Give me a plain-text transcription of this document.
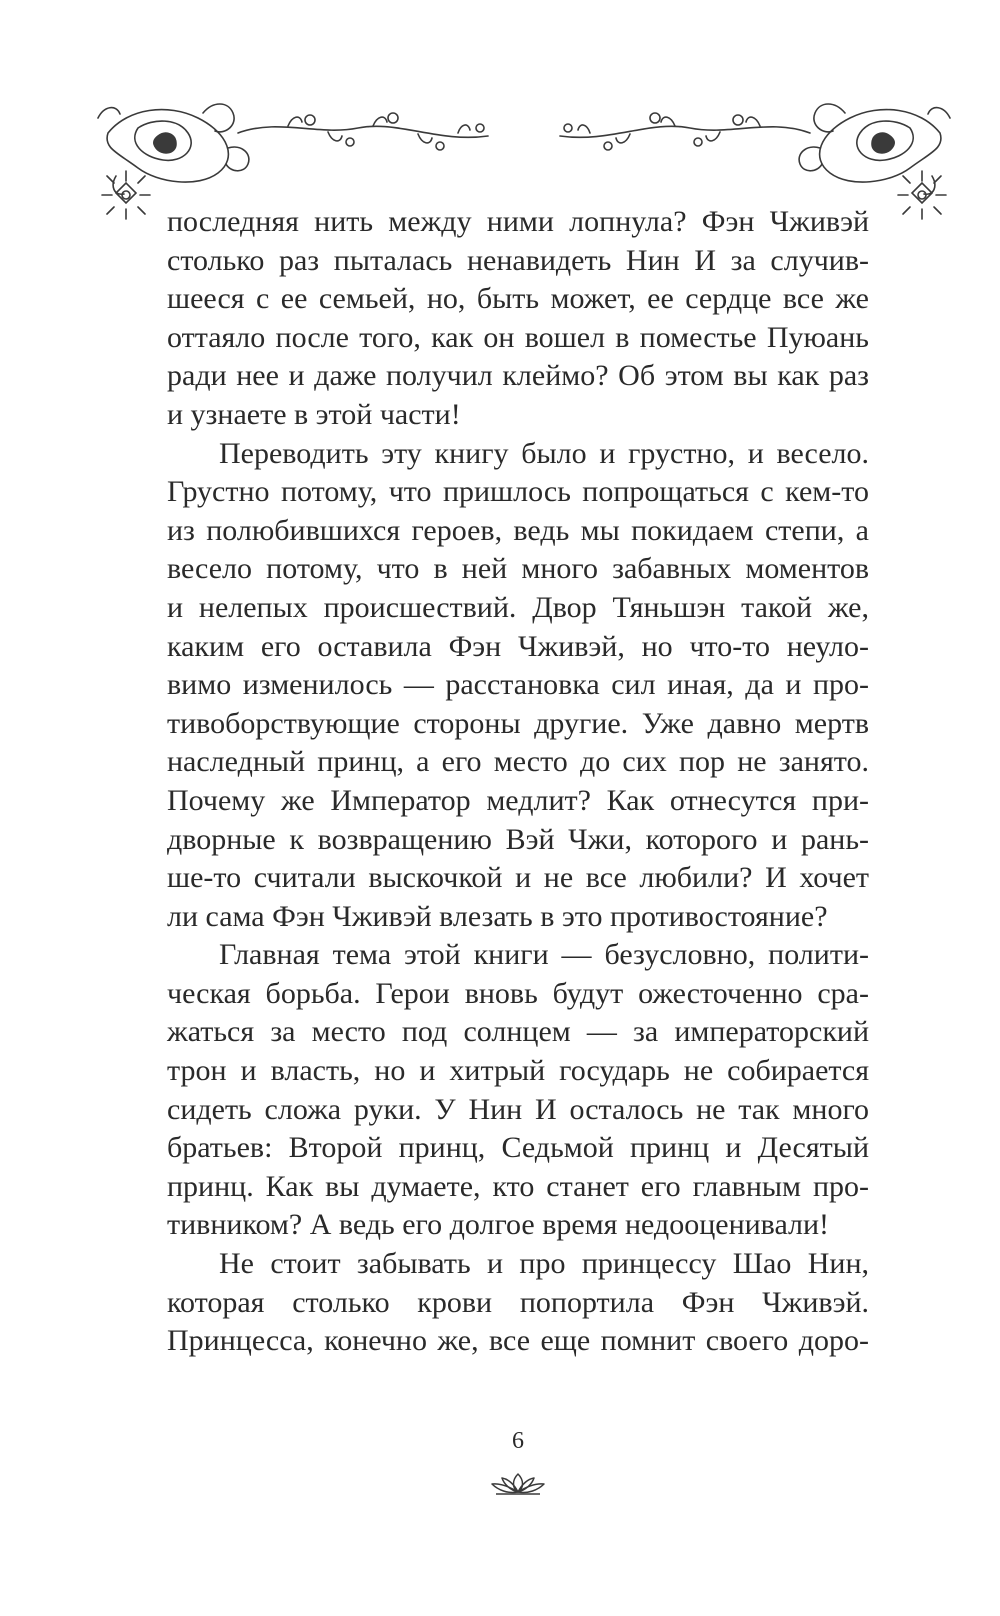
последняя нить между ними лопнула? Фэн Чживэй
столько раз пыталась ненавидеть Нин И за случив-
шееся с ее семьей, но, быть может, ее сердце все же
оттаяло после того, как он вошел в поместье Пуюань
ради нее и даже получил клеймо? Об этом вы как раз
и узнаете в этой части!
Переводить эту книгу было и грустно, и весело.
Грустно потому, что пришлось попрощаться с кем-то
из полюбившихся героев, ведь мы покидаем степи, а
весело потому, что в ней много забавных моментов
и нелепых происшествий. Двор Тяньшэн такой же,
каким его оставила Фэн Чживэй, но что-то неуло-
вимо изменилось — расстановка сил иная, да и про-
тивоборствующие стороны другие. Уже давно мертв
наследный принц, а его место до сих пор не занято.
Почему же Император медлит? Как отнесутся при-
дворные к возвращению Вэй Чжи, которого и рань-
ше-то считали выскочкой и не все любили? И хочет
ли сама Фэн Чживэй влезать в это противостояние?
Главная тема этой книги — безусловно, полити-
ческая борьба. Герои вновь будут ожесточенно сра-
жаться за место под солнцем — за императорский
трон и власть, но и хитрый государь не собирается
сидеть сложа руки. У Нин И осталось не так много
братьев: Второй принц, Седьмой принц и Десятый
принц. Как вы думаете, кто станет его главным про-
тивником? А ведь его долгое время недооценивали!
Не стоит забывать и про принцессу Шао Нин,
которая столько крови попортила Фэн Чживэй.
Принцесса, конечно же, все еще помнит своего доро-
6
